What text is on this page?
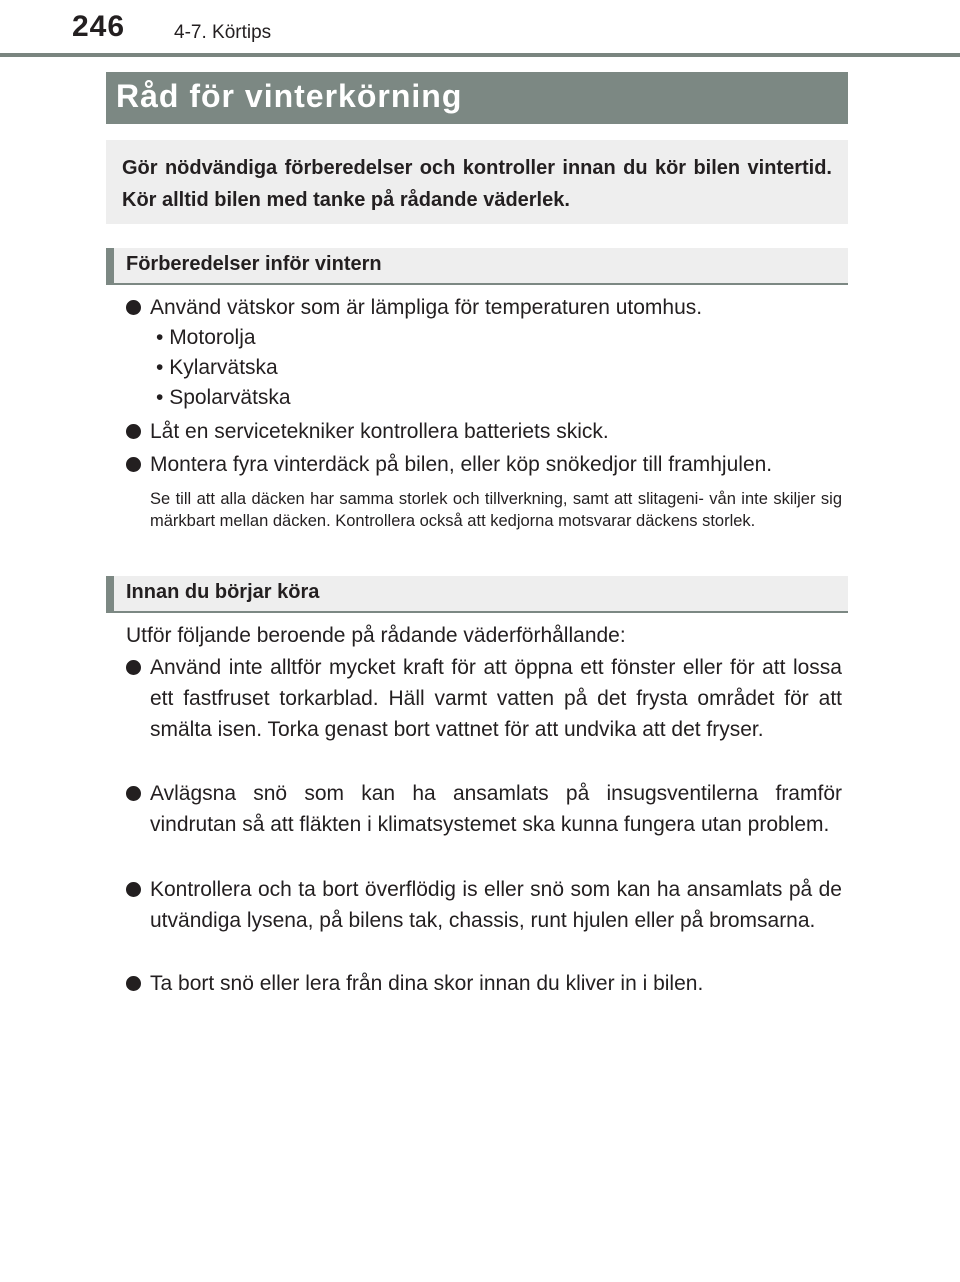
246	4-7. Körtips
Råd för vinterkörning

Gör nödvändiga förberedelser och kontroller innan du kör bilen vintertid. Kör alltid bilen med tanke på rådande väderlek.

Förberedelser inför vintern
Använd vätskor som är lämpliga för temperaturen utomhus.
• Motorolja
• Kylarvätska
• Spolarvätska
Låt en servicetekniker kontrollera batteriets skick.
Montera fyra vinterdäck på bilen, eller köp snökedjor till framhjulen.
Se till att alla däcken har samma storlek och tillverkning, samt att slitageni- vån inte skiljer sig märkbart mellan däcken. Kontrollera också att kedjorna motsvarar däckens storlek.
Innan du börjar köra
Utför följande beroende på rådande väderförhållande:
Använd inte alltför mycket kraft för att öppna ett fönster eller för att lossa ett fastfruset torkarblad. Häll varmt vatten på det frysta området för att smälta isen. Torka genast bort vattnet för att undvika att det fryser.
Avlägsna snö som kan ha ansamlats på insugsventilerna framför vindrutan så att fläkten i klimatsystemet ska kunna fungera utan problem.
Kontrollera och ta bort överflödig is eller snö som kan ha ansamlats på de utvändiga lysena, på bilens tak, chassis, runt hjulen eller på bromsarna.
Ta bort snö eller lera från dina skor innan du kliver in i bilen.
